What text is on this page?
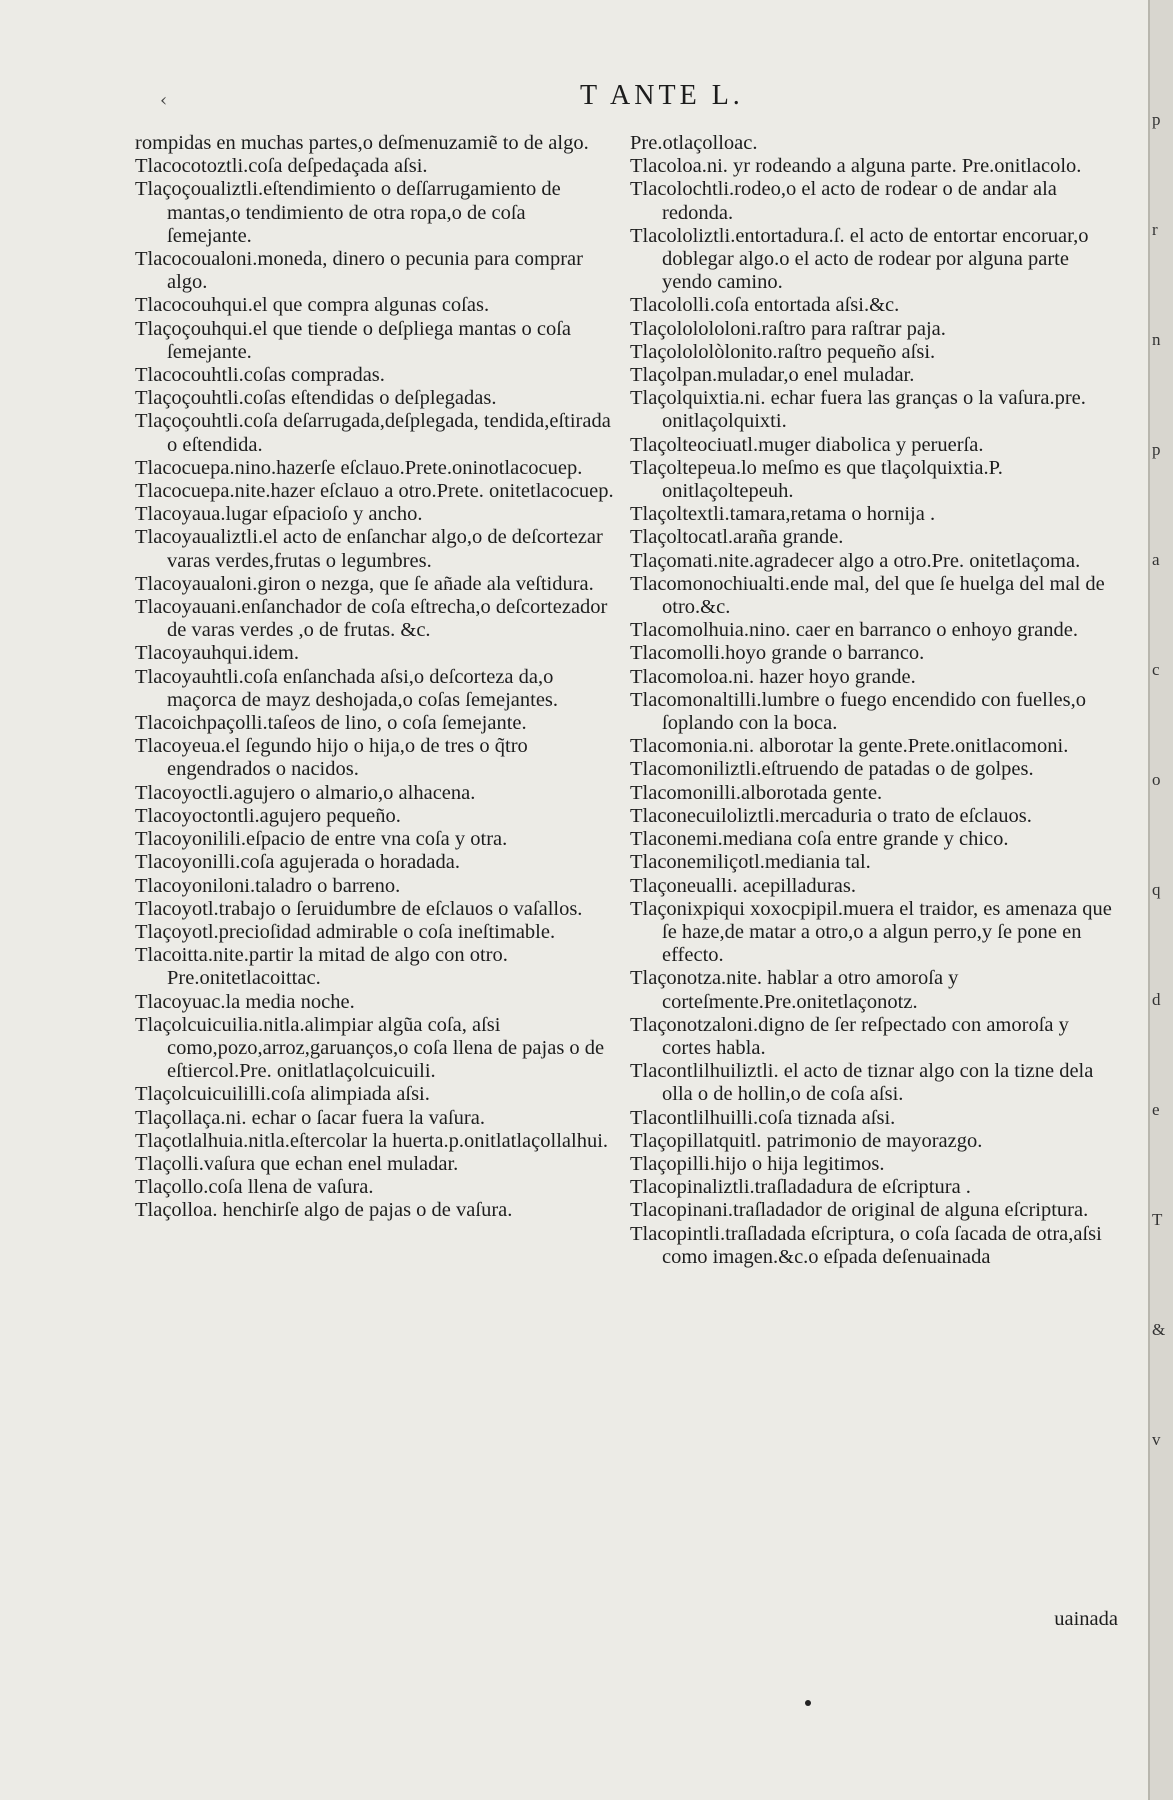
‹	T ANTE L.

rompidas en muchas partes,o deſmenuzamiẽ to de algo.

Tlacocotoztli.coſa deſpedaçada aſsi.

Tlaçoçoualiztli.eſtendimiento o deſſarrugamiento de mantas,o tendimiento de otra ropa,o de coſa ſemejante.

Tlacocoualoni.moneda, dinero o pecunia para comprar algo.

Tlacocouhqui.el que compra algunas coſas.

Tlaçoçouhqui.el que tiende o deſpliega mantas o coſa ſemejante.

Tlacocouhtli.coſas compradas.

Tlaçoçouhtli.coſas eſtendidas o deſplegadas.

Tlaçoçouhtli.coſa deſarrugada,deſplegada, tendida,eſtirada o eſtendida.

Tlacocuepa.nino.hazerſe eſclauo.Prete.oninotlacocuep.

Tlacocuepa.nite.hazer eſclauo a otro.Prete. onitetlacocuep.

Tlacoyaua.lugar eſpacioſo y ancho.

Tlacoyaualiztli.el acto de enſanchar algo,o de deſcortezar varas verdes,frutas o legumbres.

Tlacoyaualoni.giron o nezga, que ſe añade ala veſtidura.

Tlacoyauani.enſanchador de coſa eſtrecha,o deſcortezador de varas verdes ,o de frutas. &c.

Tlacoyauhqui.idem.

Tlacoyauhtli.coſa enſanchada aſsi,o deſcorteza da,o maçorca de mayz deshojada,o coſas ſemejantes.

Tlacoichpaçolli.taſeos de lino, o coſa ſemejante.

Tlacoyeua.el ſegundo hijo o hija,o de tres o q̃tro engendrados o nacidos.

Tlacoyoctli.agujero o almario,o alhacena.

Tlacoyoctontli.agujero pequeño.

Tlacoyonilili.eſpacio de entre vna coſa y otra.

Tlacoyonilli.coſa agujerada o horadada.

Tlacoyoniloni.taladro o barreno.

Tlacoyotl.trabajo o ſeruidumbre de eſclauos o vaſallos.

Tlaçoyotl.precioſidad admirable o coſa ineſtimable.

Tlacoitta.nite.partir la mitad de algo con otro. Pre.onitetlacoittac.

Tlacoyuac.la media noche.

Tlaçolcuicuilia.nitla.alimpiar algũa coſa, aſsi como,pozo,arroz,garuanços,o coſa llena de pajas o de eſtiercol.Pre. onitlatlaçolcuicuili.

Tlaçolcuicuililli.coſa alimpiada aſsi.

Tlaçollaça.ni. echar o ſacar fuera la vaſura.

Tlaçotlalhuia.nitla.eſtercolar la huerta.p.onitlatlaçollalhui.

Tlaçolli.vaſura que echan enel muladar.

Tlaçollo.coſa llena de vaſura.

Tlaçolloa. henchirſe algo de pajas o de vaſura.

Pre.otlaçolloac.

Tlacoloa.ni. yr rodeando a alguna parte. Pre.onitlacolo.

Tlacolochtli.rodeo,o el acto de rodear o de andar ala redonda.

Tlacololiztli.entortadura.ſ. el acto de entortar encoruar,o doblegar algo.o el acto de rodear por alguna parte yendo camino.

Tlacololli.coſa entortada aſsi.&c.

Tlaçololololoni.raſtro para raſtrar paja.

Tlaçolololòlonito.raſtro pequeño aſsi.

Tlaçolpan.muladar,o enel muladar.

Tlaçolquixtia.ni. echar fuera las granças o la vaſura.pre. onitlaçolquixti.

Tlaçolteociuatl.muger diabolica y peruerſa.

Tlaçoltepeua.lo meſmo es que tlaçolquixtia.P. onitlaçoltepeuh.

Tlaçoltextli.tamara,retama o hornija .

Tlaçoltocatl.araña grande.

Tlaçomati.nite.agradecer algo a otro.Pre. onitetlaçoma.

Tlacomonochiualti.ende mal, del que ſe huelga del mal de otro.&c.

Tlacomolhuia.nino. caer en barranco o enhoyo grande.

Tlacomolli.hoyo grande o barranco.

Tlacomoloa.ni. hazer hoyo grande.

Tlacomonaltilli.lumbre o fuego encendido con fuelles,o ſoplando con la boca.

Tlacomonia.ni. alborotar la gente.Prete.onitlacomoni.

Tlacomoniliztli.eſtruendo de patadas o de golpes.

Tlacomonilli.alborotada gente.

Tlaconecuiloliztli.mercaduria o trato de eſclauos.

Tlaconemi.mediana coſa entre grande y chico.

Tlaconemiliçotl.mediania tal.

Tlaçoneualli. acepilladuras.

Tlaçonixpiqui xoxocpipil.muera el traidor, es amenaza que ſe haze,de matar a otro,o a algun perro,y ſe pone en effecto.

Tlaçonotza.nite. hablar a otro amoroſa y corteſmente.Pre.onitetlaçonotz.

Tlaçonotzaloni.digno de ſer reſpectado con amoroſa y cortes habla.

Tlacontlilhuiliztli. el acto de tiznar algo con la tizne dela olla o de hollin,o de coſa aſsi.

Tlacontlilhuilli.coſa tiznada aſsi.

Tlaçopillatquitl. patrimonio de mayorazgo.

Tlaçopilli.hijo o hija legitimos.

Tlacopinaliztli.traſladadura de eſcriptura .

Tlacopinani.traſladador de original de alguna eſcriptura.

Tlacopintli.traſladada eſcriptura, o coſa ſacada de otra,aſsi como imagen.&c.o eſpada deſenuainada

uainada
p
r
n
p
a
c
o
q
d
e
T
&
v
